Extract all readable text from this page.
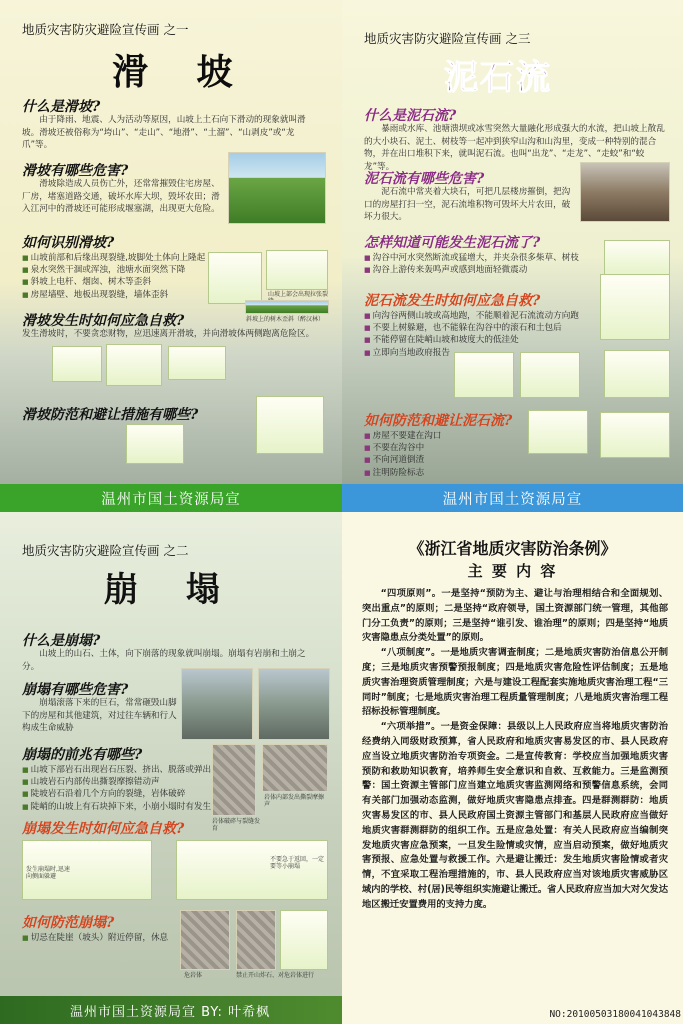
地质灾害防灾避险宣传画 之一
滑 坡
什么是滑坡?
由于降雨、地震、人为活动等原因，山坡上土石向下滑动的现象就叫滑坡。滑坡还被俗称为“垮山”、“走山”、“地滑”、“土溜”、“山剥皮”或“龙爪”等。
滑坡有哪些危害?
滑坡除造成人员伤亡外，还常常摧毁住宅房屋、厂房，堵塞道路交通，破坏水库大坝，毁坏农田；滑入江河中的滑坡还可能形成堰塞湖，出现更大危险。
如何识别滑坡?
■ 山坡前部和后缘出现裂缝,坡脚处土体向上隆起
■ 泉水突然干涸或浑浊，池塘水面突然下降
■ 斜坡上电杆、烟囱、树木等歪斜
■ 房屋墙壁、地板出现裂缝，墙体歪斜	山坡上部会出现拉张裂
斜坡上的树木歪斜（醉汉林）
滑坡发生时如何应急自救?
发生滑坡时，不要贪恋财物，应迅速离开滑坡，并向滑坡体两侧跑离危险区。
滑坡防范和避让措施有哪些?
温州市国土资源局宣
地质灾害防灾避险宣传画 之三
泥石流
什么是泥石流?
暴雨或水库、池塘溃坝或冰雪突然大量融化形成强大的水流，把山坡上散乱的大小块石、泥土、树枝等一起冲到狭窄山沟和山沟里，变成一种特别的混合物，并在出口堆积下来，就叫泥石流。也叫“出龙”、“走龙”、“走蛟”和“蛟龙”等。
泥石流有哪些危害?
泥石流中常夹着大块石，可把几层楼房摧倒，把沟口的房屋打扫一空，泥石流堆积物可毁坏大片农田，破坏力很大。
怎样知道可能发生泥石流了?
■ 沟谷中河水突然断流或猛增大，并夹杂很多柴草、树枝
■ 沟谷上游传来轰鸣声或感到地面轻微震动
泥石流发生时如何应急自救?
■ 向沟谷两侧山坡或高地跑，不能顺着泥石流流动方向跑
■ 不要上树躲避，也不能躲在沟谷中的滚石和土包后
■ 不能停留在陡峭山坡和坡度大的低洼处
■ 立即向当地政府报告
如何防范和避让泥石流?
■ 房屋不要建在沟口
■ 不要在沟谷中
■ 不向河道倒渣
■ 注明防险标志
温州市国土资源局宣
地质灾害防灾避险宣传画 之二
崩 塌
什么是崩塌?
山坡上的山石、土体，向下崩落的现象就叫崩塌。崩塌有岩崩和土崩之分。
崩塌有哪些危害?
崩塌滚落下来的巨石，常常砸毁山脚下的房屋和其他建筑，对过往车辆和行人构成生命威胁
崩塌的前兆有哪些?
■ 山坡下部岩石出现岩石压裂、挤出、脱落或弹出
■ 山坡岩石内部传出撕裂摩擦错动声
■ 陡坡岩石沿着几个方向的裂缝，岩体破碎
■ 陡峭的山坡上有石块掉下来，小崩小塌时有发生
岩体破碎与裂缝发育
岩体内部发出撕裂摩擦声
崩塌发生时如何应急自救?
发生崩塌时,迅速向侧面躲避
不要急于返回，一定要等小崩塌
如何防范崩塌?
■ 切忌在陡崖（坡头）附近停留，休息
危岩体	禁止开山炸石、对危岩体进行
温州市国土资源局宣 BY: 叶希枫
《浙江省地质灾害防治条例》
主 要 内 容

“四项原则”。一是坚持“预防为主、避让与治理相结合和全面规划、突出重点”的原则；二是坚持“政府领导，国土资源部门统一管理，其他部门分工负责”的原则；三是坚持“谁引发、谁治理”的原则；四是坚持“地质灾害隐患点分类处置”的原则。

“八项制度”。一是地质灾害调查制度；二是地质灾害防治信息公开制度；三是地质灾害预警预报制度；四是地质灾害危险性评估制度；五是地质灾害治理资质管理制度；六是与建设工程配套实施地质灾害治理工程“三同时”制度；七是地质灾害治理工程质量管理制度；八是地质灾害治理工程招标投标管理制度。

“六项举措”。一是资金保障：县级以上人民政府应当将地质灾害防治经费纳入同级财政预算，省人民政府和地质灾害易发区的市、县人民政府应当设立地质灾害防治专项资金。二是宣传教育：学校应当加强地质灾害预防和救助知识教育，培养师生安全意识和自救、互救能力。三是监测预警：国土资源主管部门应当建立地质灾害监测网络和预警信息系统，会同有关部门加强动态监测，做好地质灾害隐患点排查。四是群测群防：地质灾害易发区的市、县人民政府国土资源主管部门和基层人民政府应当做好地质灾害群测群防的组织工作。五是应急处置：有关人民政府应当编制突发地质灾害应急预案，一旦发生险情或灾情，应当启动预案，做好地质灾害预报、应急处置与救援工作。六是避让搬迁：发生地质灾害险情或者灾情，不宜采取工程治理措施的，市、县人民政府应当对该地质灾害威胁区域内的学校、村(居)民等组织实施避让搬迁。省人民政府应当加大对欠发达地区搬迁安置费用的支持力度。

NO:20100503180041043848
